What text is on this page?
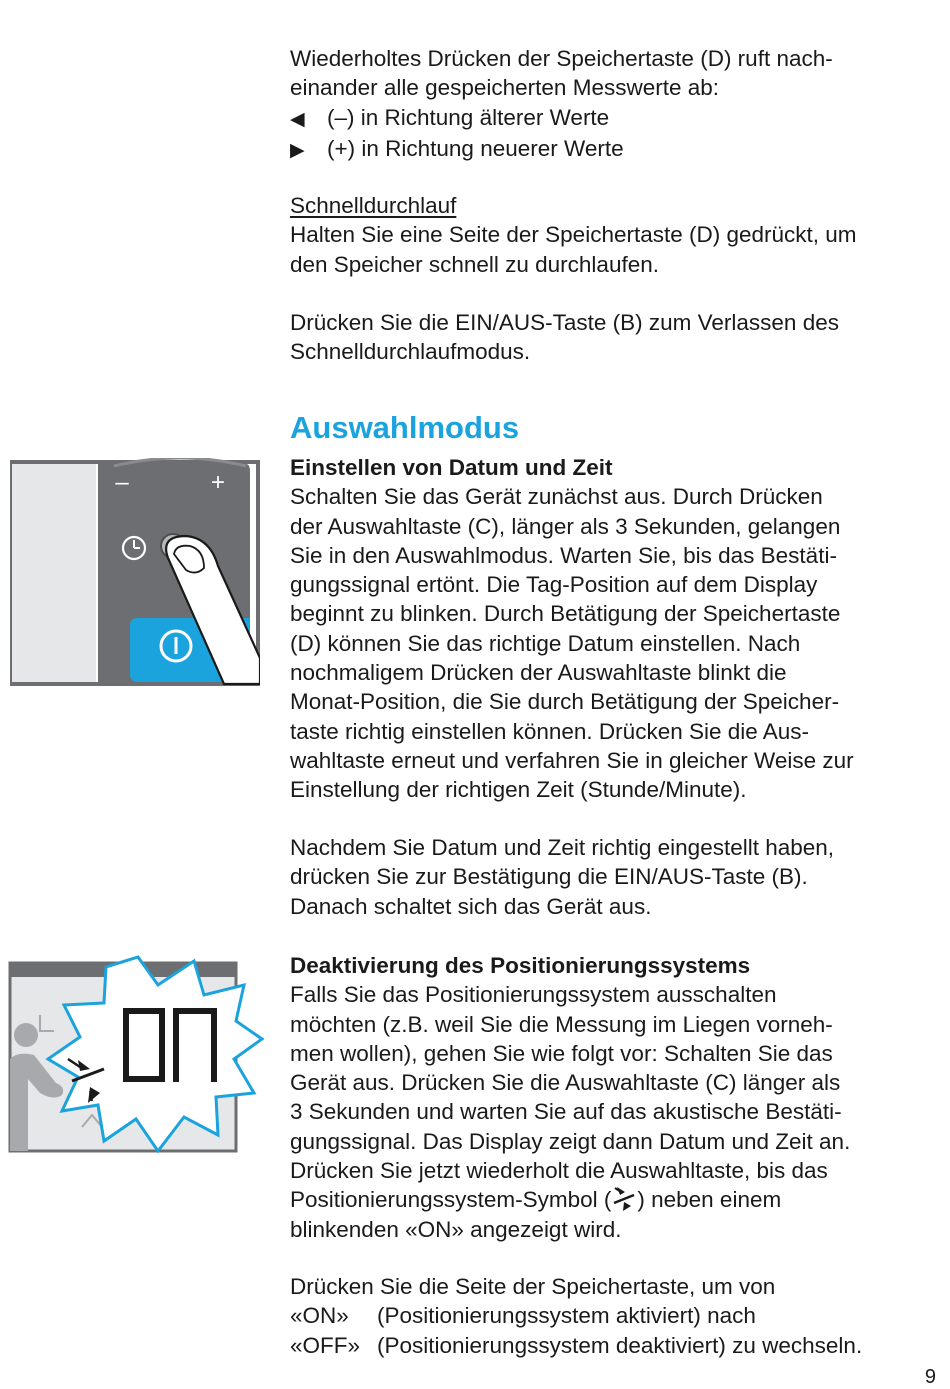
Wiederholtes Drücken der Speichertaste (D) ruft nach-
einander alle gespeicherten Messwerte ab:
◀ (–) in Richtung älterer Werte
▶ (+) in Richtung neuerer Werte
Schnelldurchlauf
Halten Sie eine Seite der Speichertaste (D) gedrückt, um
den Speicher schnell zu durchlaufen.
Drücken Sie die EIN/AUS-Taste (B) zum Verlassen des
Schnelldurchlaufmodus.
Auswahlmodus
Einstellen von Datum und Zeit
Schalten Sie das Gerät zunächst aus. Durch Drücken
der Auswahltaste (C), länger als 3 Sekunden, gelangen
Sie in den Auswahlmodus. Warten Sie, bis das Bestäti-
gungssignal ertönt. Die Tag-Position auf dem Display
beginnt zu blinken. Durch Betätigung der Speichertaste
(D) können Sie das richtige Datum einstellen. Nach
nochmaligem Drücken der Auswahltaste blinkt die
Monat-Position, die Sie durch Betätigung der Speicher-
taste richtig einstellen können. Drücken Sie die Aus-
wahltaste erneut und verfahren Sie in gleicher Weise zur
Einstellung der richtigen Zeit (Stunde/Minute).
Nachdem Sie Datum und Zeit richtig eingestellt haben,
drücken Sie zur Bestätigung die EIN/AUS-Taste (B).
Danach schaltet sich das Gerät aus.
Deaktivierung des Positionierungssystems
Falls Sie das Positionierungssystem ausschalten
möchten (z.B. weil Sie die Messung im Liegen vorneh-
men wollen), gehen Sie wie folgt vor: Schalten Sie das
Gerät aus. Drücken Sie die Auswahltaste (C) länger als
3 Sekunden und warten Sie auf das akustische Bestäti-
gungssignal. Das Display zeigt dann Datum und Zeit an.
Drücken Sie jetzt wiederholt die Auswahltaste, bis das
Positionierungssystem-Symbol ( ) neben einem
blinkenden «ON» angezeigt wird.
Drücken Sie die Seite der Speichertaste, um von
«ON» (Positionierungssystem aktiviert) nach
«OFF» (Positionierungssystem deaktiviert) zu wechseln.
9
–	+
ON
